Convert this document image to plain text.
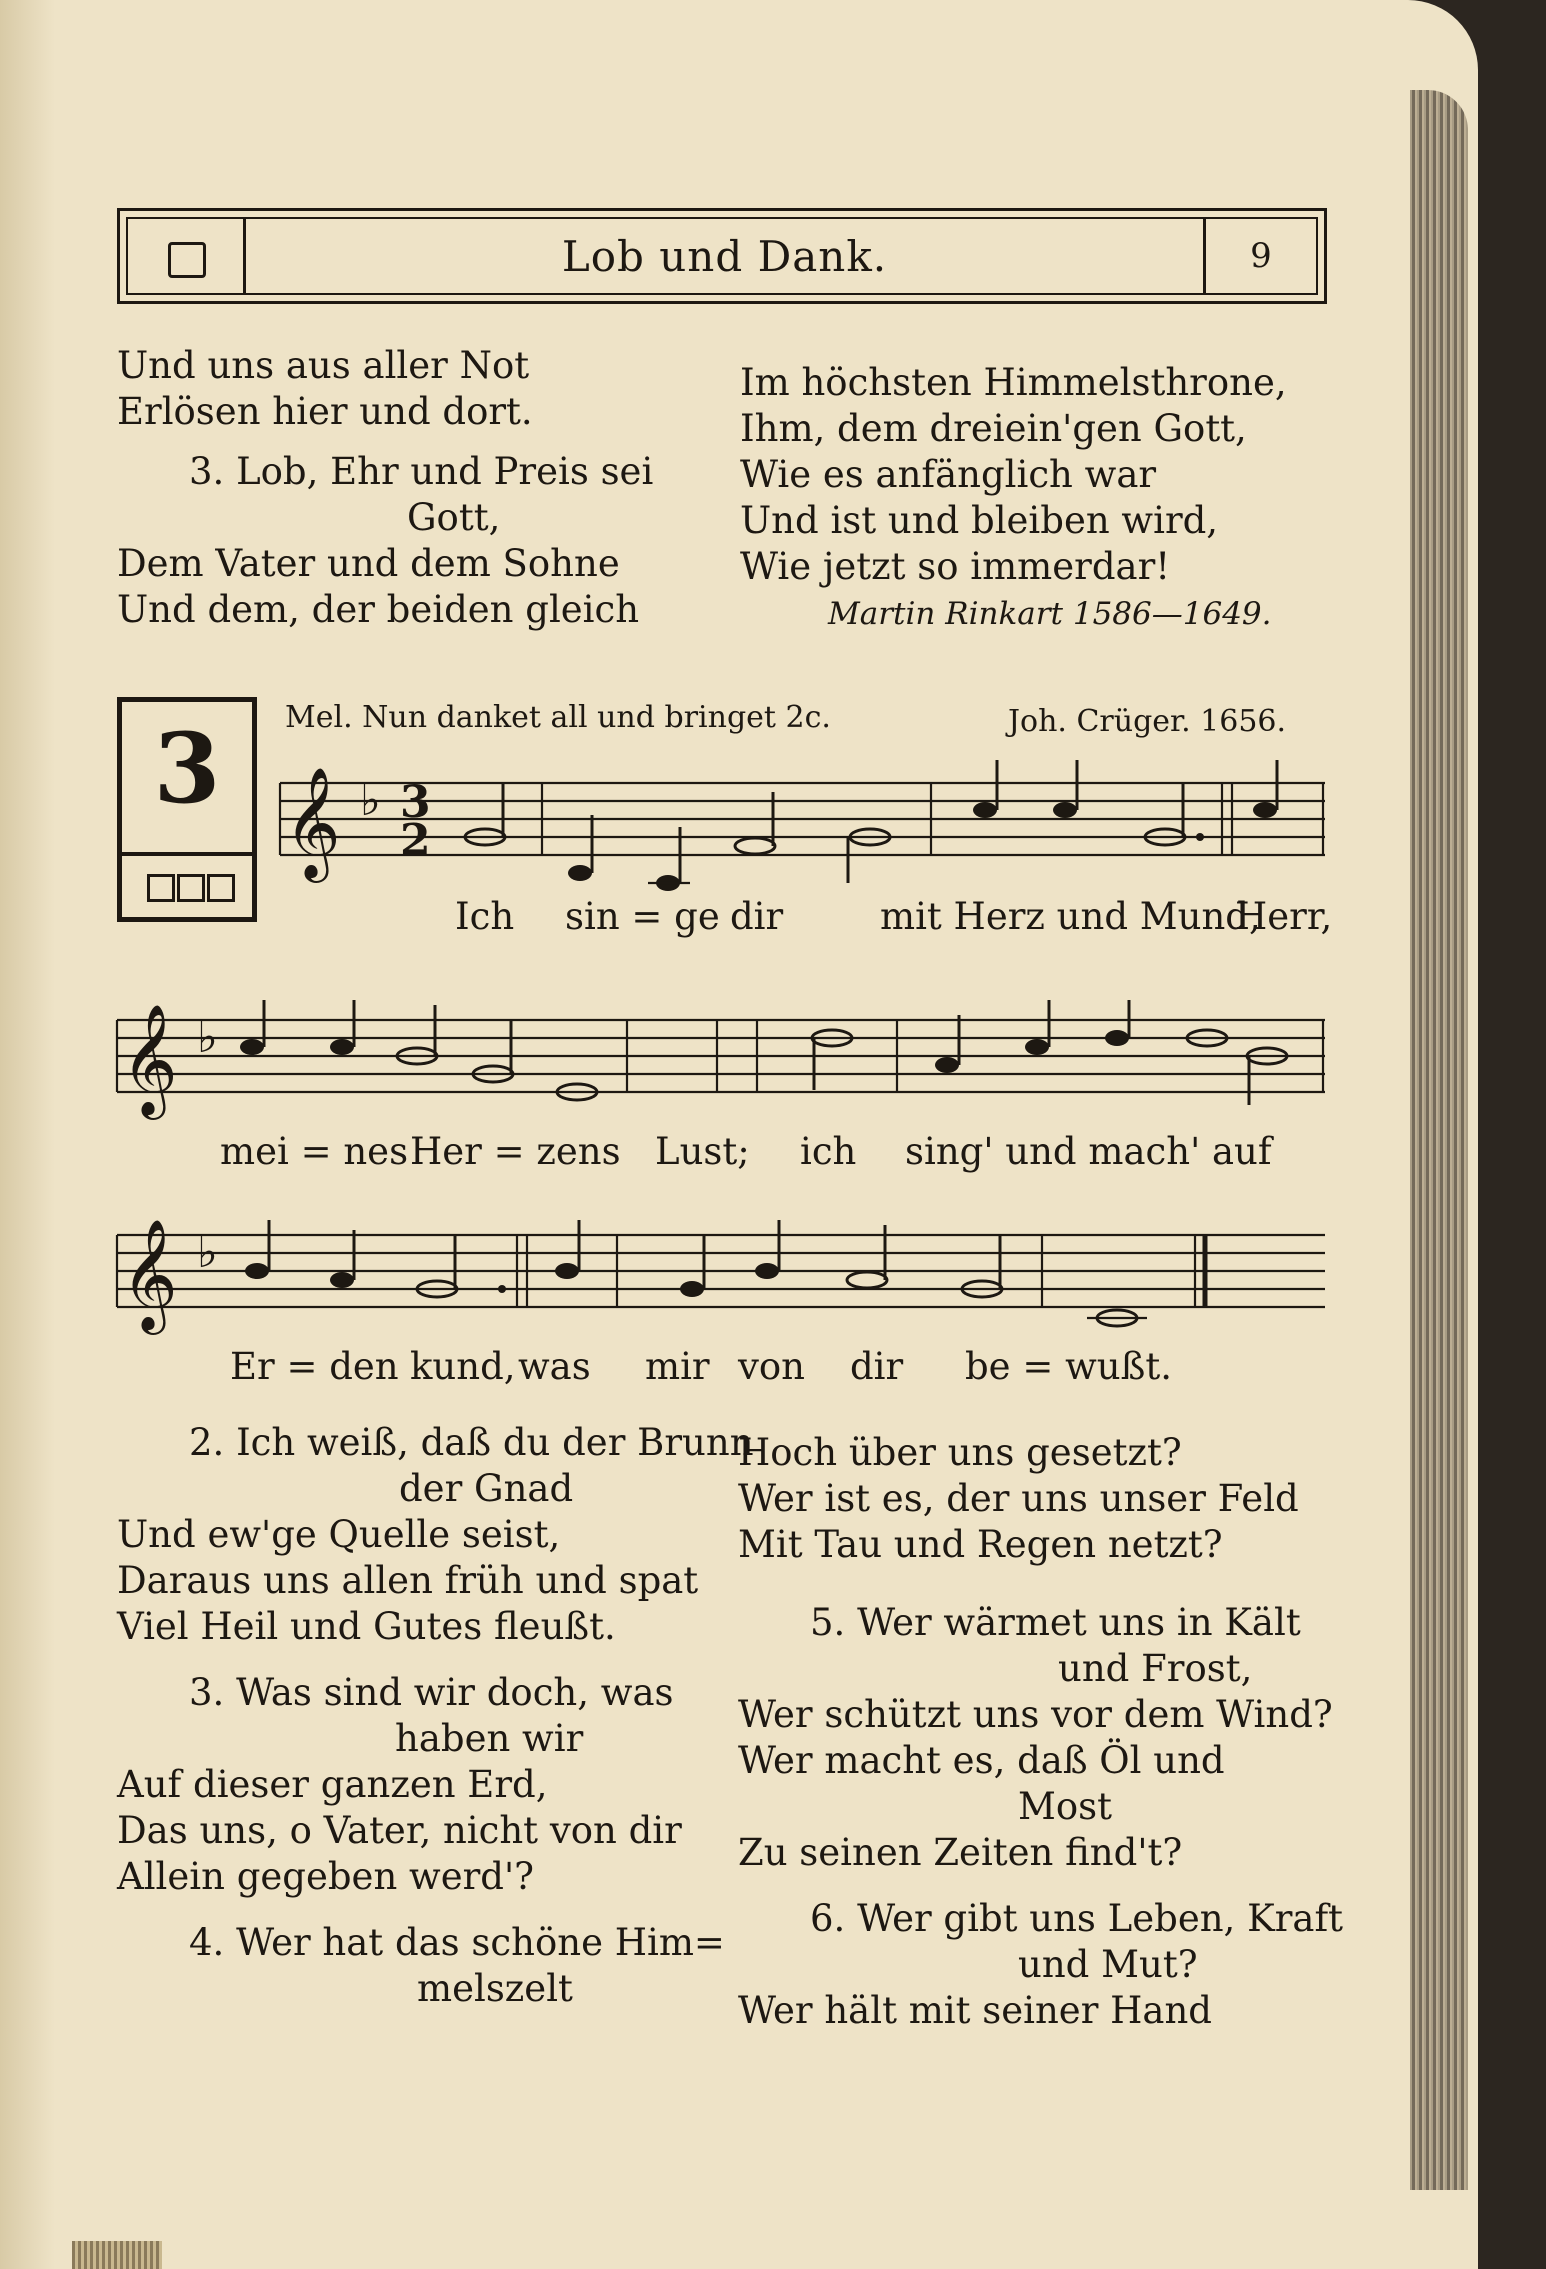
Lob und Dank.	9
Und uns aus aller Not
Erlösen hier und dort.
3. Lob, Ehr und Preis sei
Gott,
Dem Vater und dem Sohne
Und dem, der beiden gleich
Im höchsten Himmelsthrone,
Ihm, dem dreiein'gen Gott,
Wie es anfänglich war
Und ist und bleiben wird,
Wie jetzt so immerdar!
Martin Rinkart 1586—1649.
3	Mel. Nun danket all und bringet 2c.	Joh. Crüger. 1656.
𝄞 ♭ 3
2
Ich sin = ge dir	mit Herz und Mund,
Herr,
𝄞 ♭
mei = nes Her = zens Lust; ich sing' und mach' auf
𝄞 ♭
Er = den kund, was mir von dir be = wußt.
2. Ich weiß, daß du der Brunn
der Gnad
Und ew'ge Quelle seist,
Daraus uns allen früh und spat
Viel Heil und Gutes fleußt.
3. Was sind wir doch, was
haben wir
Auf dieser ganzen Erd,
Das uns, o Vater, nicht von dir
Allein gegeben werd'?
4. Wer hat das schöne Him=
melszelt
Hoch über uns gesetzt?
Wer ist es, der uns unser Feld
Mit Tau und Regen netzt?
5. Wer wärmet uns in Kält
und Frost,
Wer schützt uns vor dem Wind?
Wer macht es, daß Öl und
Most
Zu seinen Zeiten find't?
6. Wer gibt uns Leben, Kraft
und Mut?
Wer hält mit seiner Hand
